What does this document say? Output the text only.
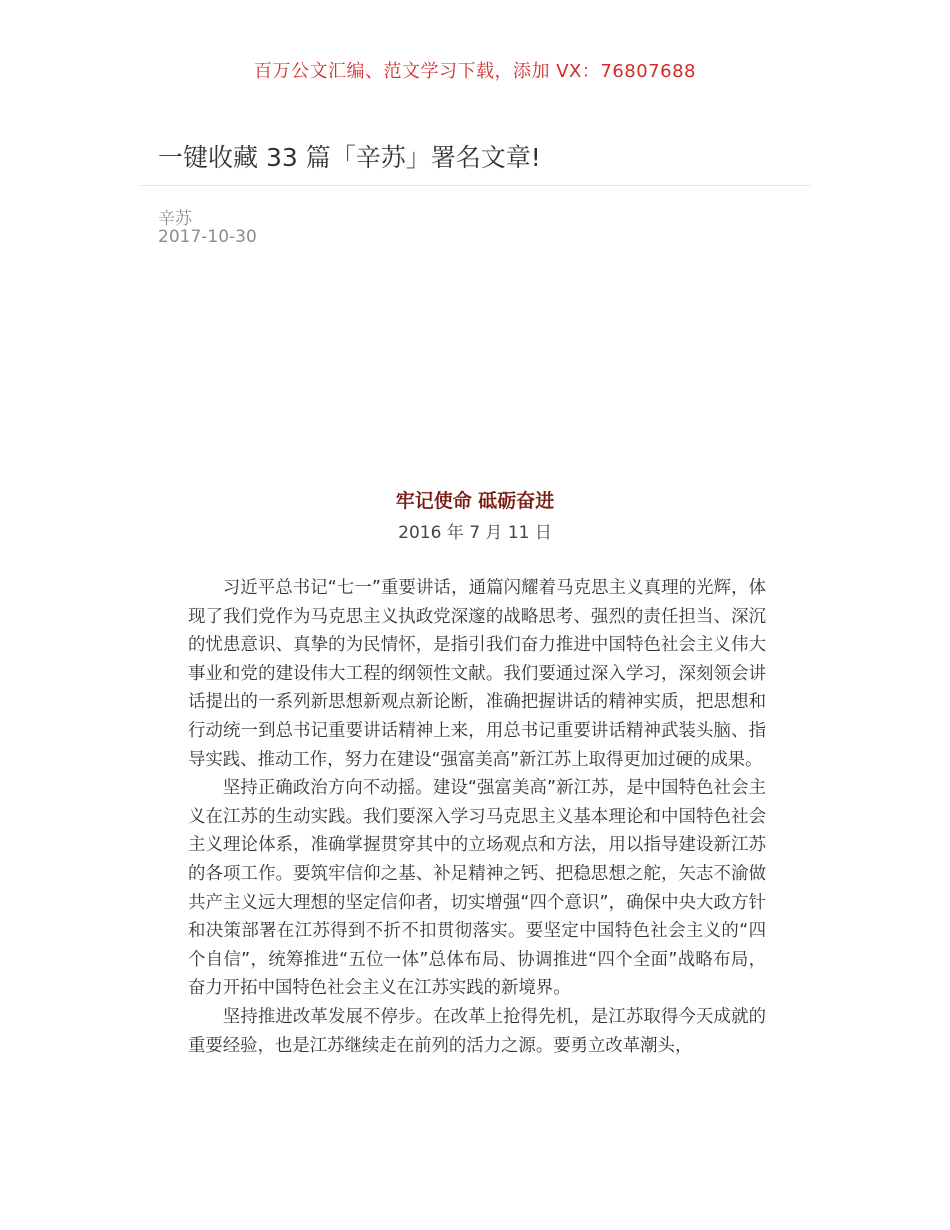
百万公文汇编、范文学习下载，添加 VX：76807688
一键收藏 33 篇「辛苏」署名文章!
辛苏
2017-10-30
牢记使命 砥砺奋进
2016 年 7 月 11 日

习近平总书记“七一”重要讲话，通篇闪耀着马克思主义真理的光辉，体现了我们党作为马克思主义执政党深邃的战略思考、强烈的责任担当、深沉的忧患意识、真挚的为民情怀，是指引我们奋力推进中国特色社会主义伟大事业和党的建设伟大工程的纲领性文献。我们要通过深入学习，深刻领会讲话提出的一系列新思想新观点新论断，准确把握讲话的精神实质，把思想和行动统一到总书记重要讲话精神上来，用总书记重要讲话精神武装头脑、指导实践、推动工作，努力在建设“强富美高”新江苏上取得更加过硬的成果。

坚持正确政治方向不动摇。建设“强富美高”新江苏，是中国特色社会主义在江苏的生动实践。我们要深入学习马克思主义基本理论和中国特色社会主义理论体系，准确掌握贯穿其中的立场观点和方法，用以指导建设新江苏的各项工作。要筑牢信仰之基、补足精神之钙、把稳思想之舵，矢志不渝做共产主义远大理想的坚定信仰者，切实增强“四个意识”，确保中央大政方针和决策部署在江苏得到不折不扣贯彻落实。要坚定中国特色社会主义的“四个自信”，统筹推进“五位一体”总体布局、协调推进“四个全面”战略布局，奋力开拓中国特色社会主义在江苏实践的新境界。

坚持推进改革发展不停步。在改革上抢得先机，是江苏取得今天成就的重要经验，也是江苏继续走在前列的活力之源。要勇立改革潮头，
